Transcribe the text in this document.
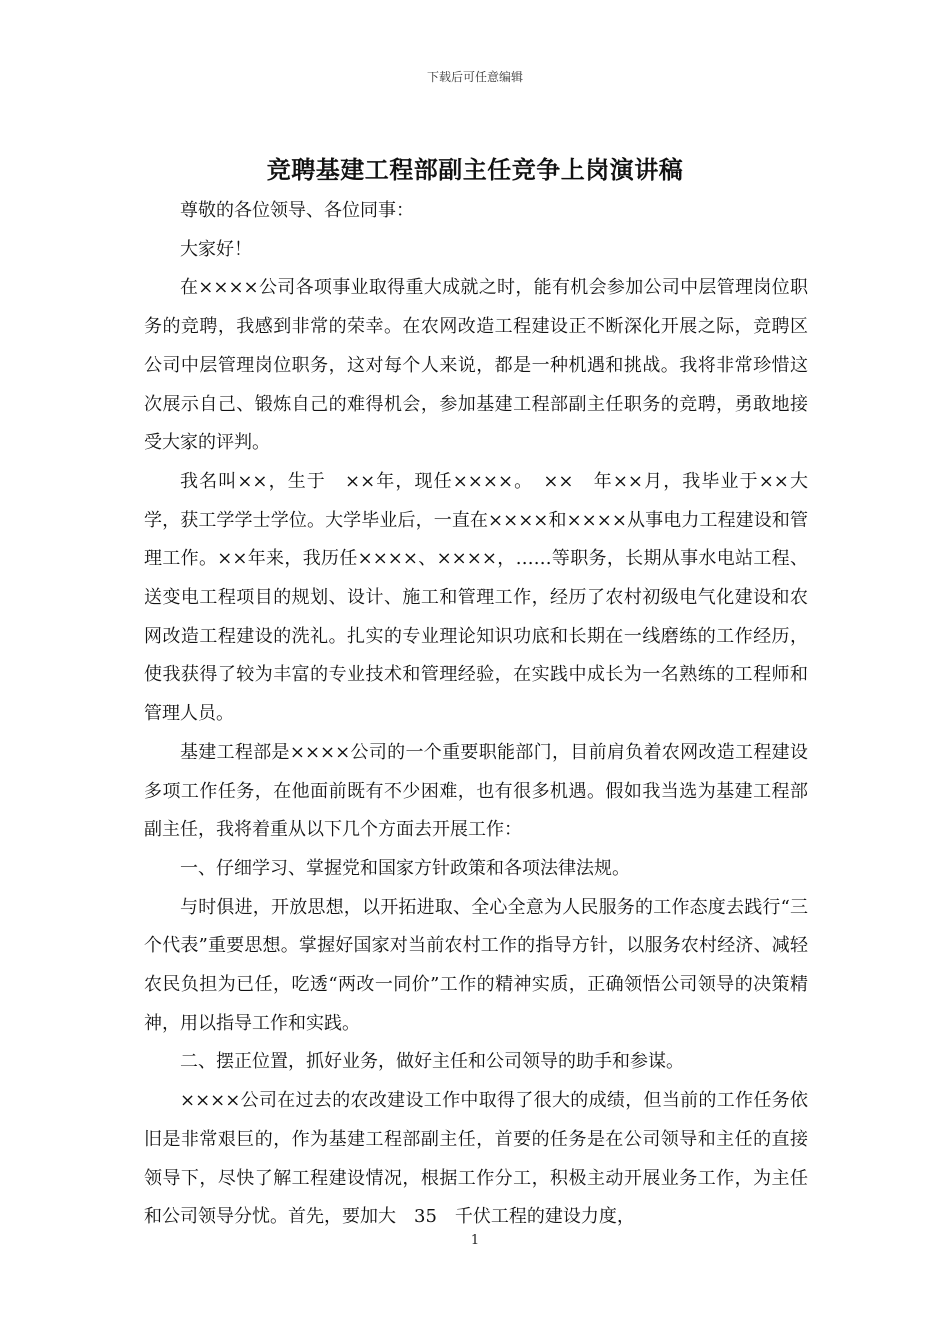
下载后可任意编辑
竞聘基建工程部副主任竞争上岗演讲稿

尊敬的各位领导、各位同事：

大家好！

在××××公司各项事业取得重大成就之时，能有机会参加公司中层管理岗位职务的竞聘，我感到非常的荣幸。在农网改造工程建设正不断深化开展之际，竞聘区公司中层管理岗位职务，这对每个人来说，都是一种机遇和挑战。我将非常珍惜这次展示自己、锻炼自己的难得机会，参加基建工程部副主任职务的竞聘，勇敢地接受大家的评判。

我名叫××，生于　××年，现任××××。　××　年××月，我毕业于××大学，获工学学士学位。大学毕业后，一直在××××和××××从事电力工程建设和管理工作。××年来，我历任××××、××××，……等职务，长期从事水电站工程、送变电工程项目的规划、设计、施工和管理工作，经历了农村初级电气化建设和农网改造工程建设的洗礼。扎实的专业理论知识功底和长期在一线磨练的工作经历，使我获得了较为丰富的专业技术和管理经验，在实践中成长为一名熟练的工程师和管理人员。

基建工程部是××××公司的一个重要职能部门，目前肩负着农网改造工程建设多项工作任务，在他面前既有不少困难，也有很多机遇。假如我当选为基建工程部副主任，我将着重从以下几个方面去开展工作：

一、仔细学习、掌握党和国家方针政策和各项法律法规。

与时俱进，开放思想，以开拓进取、全心全意为人民服务的工作态度去践行“三个代表”重要思想。掌握好国家对当前农村工作的指导方针，以服务农村经济、减轻农民负担为已任，吃透“两改一同价”工作的精神实质，正确领悟公司领导的决策精神，用以指导工作和实践。

二、摆正位置，抓好业务，做好主任和公司领导的助手和参谋。

××××公司在过去的农改建设工作中取得了很大的成绩，但当前的工作任务依旧是非常艰巨的，作为基建工程部副主任，首要的任务是在公司领导和主任的直接领导下，尽快了解工程建设情况，根据工作分工，积极主动开展业务工作，为主任和公司领导分忧。首先，要加大　35　千伏工程的建设力度，

1
